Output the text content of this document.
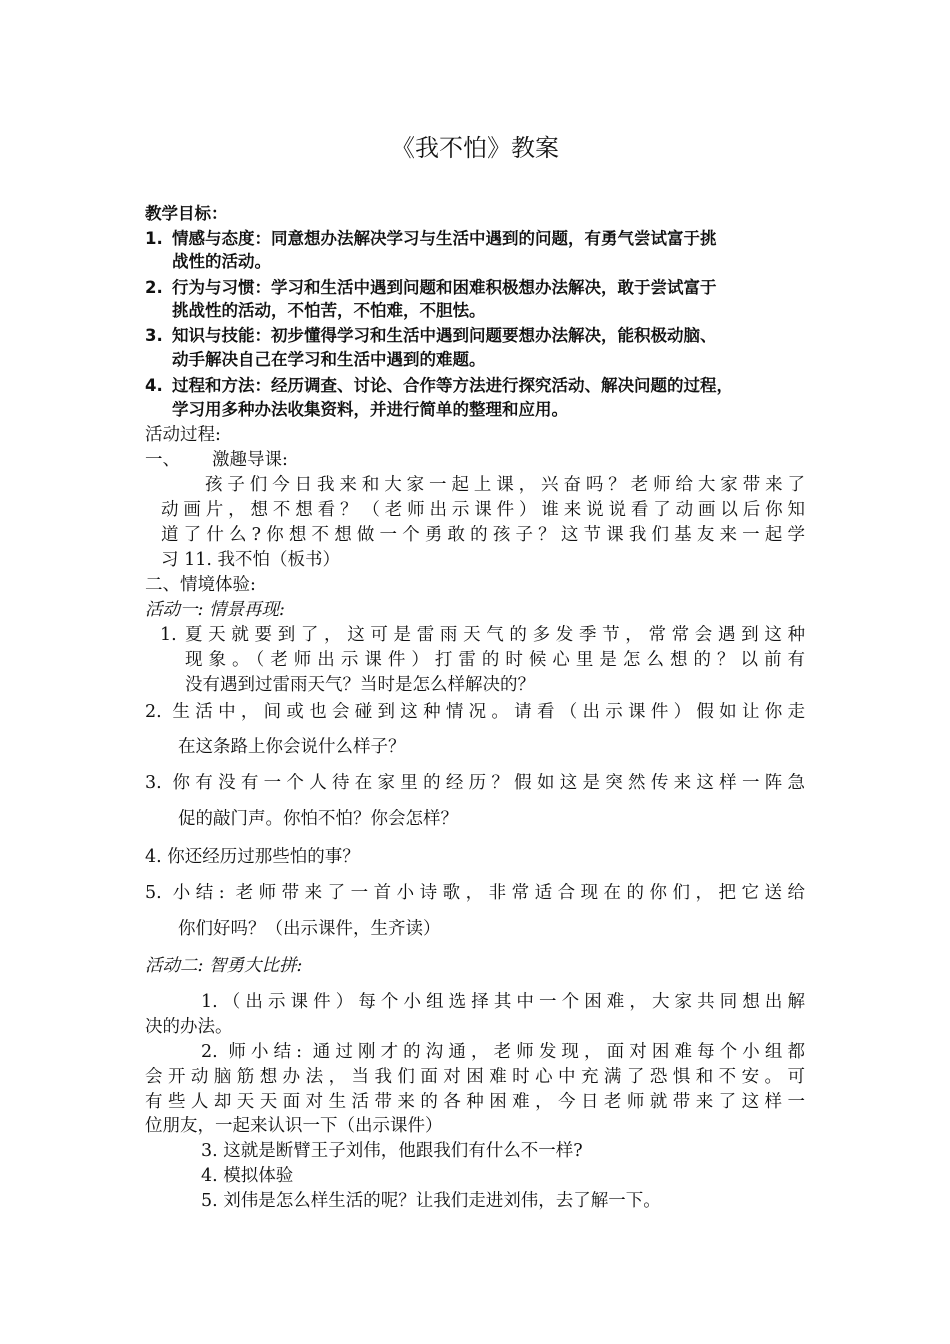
《我不怕》教案
教学目标：
1. 情感与态度：同意想办法解决学习与生活中遇到的问题，有勇气尝试富于挑
战性的活动。
2. 行为与习惯：学习和生活中遇到问题和困难积极想办法解决，敢于尝试富于
挑战性的活动，不怕苦，不怕难，不胆怯。
3. 知识与技能：初步懂得学习和生活中遇到问题要想办法解决，能积极动脑、
动手解决自己在学习和生活中遇到的难题。
4. 过程和方法：经历调查、讨论、合作等方法进行探究活动、解决问题的过程，
学习用多种办法收集资料，并进行简单的整理和应用。
活动过程:
一、 激趣导课:
孩子们今日我来和大家一起上课，兴奋吗？老师给大家带来了
动画片，想不想看？（老师出示课件）谁来说说看了动画以后你知
道了什么?你想不想做一个勇敢的孩子？这节课我们基友来一起学
习 11. 我不怕（板书）
二、情境体验:
活动一: 情景再现:
1. 夏天就要到了，这可是雷雨天气的多发季节，常常会遇到这种
现象。（老师出示课件）打雷的时候心里是怎么想的？以前有
没有遇到过雷雨天气？当时是怎么样解决的？
2. 生活中，间或也会碰到这种情况。请看（出示课件）假如让你走
在这条路上你会说什么样子？
3. 你有没有一个人待在家里的经历？假如这是突然传来这样一阵急
促的敲门声。你怕不怕？你会怎样？
4. 你还经历过那些怕的事？
5. 小结: 老师带来了一首小诗歌，非常适合现在的你们，把它送给
你们好吗？（出示课件，生齐读）
活动二: 智勇大比拼:
1.（出示课件）每个小组选择其中一个困难，大家共同想出解
决的办法。
2. 师小结: 通过刚才的沟通，老师发现，面对困难每个小组都
会开动脑筋想办法，当我们面对困难时心中充满了恐惧和不安。可
有些人却天天面对生活带来的各种困难，今日老师就带来了这样一
位朋友，一起来认识一下（出示课件）
3. 这就是断臂王子刘伟，他跟我们有什么不一样?
4. 模拟体验
5. 刘伟是怎么样生活的呢？让我们走进刘伟，去了解一下。
